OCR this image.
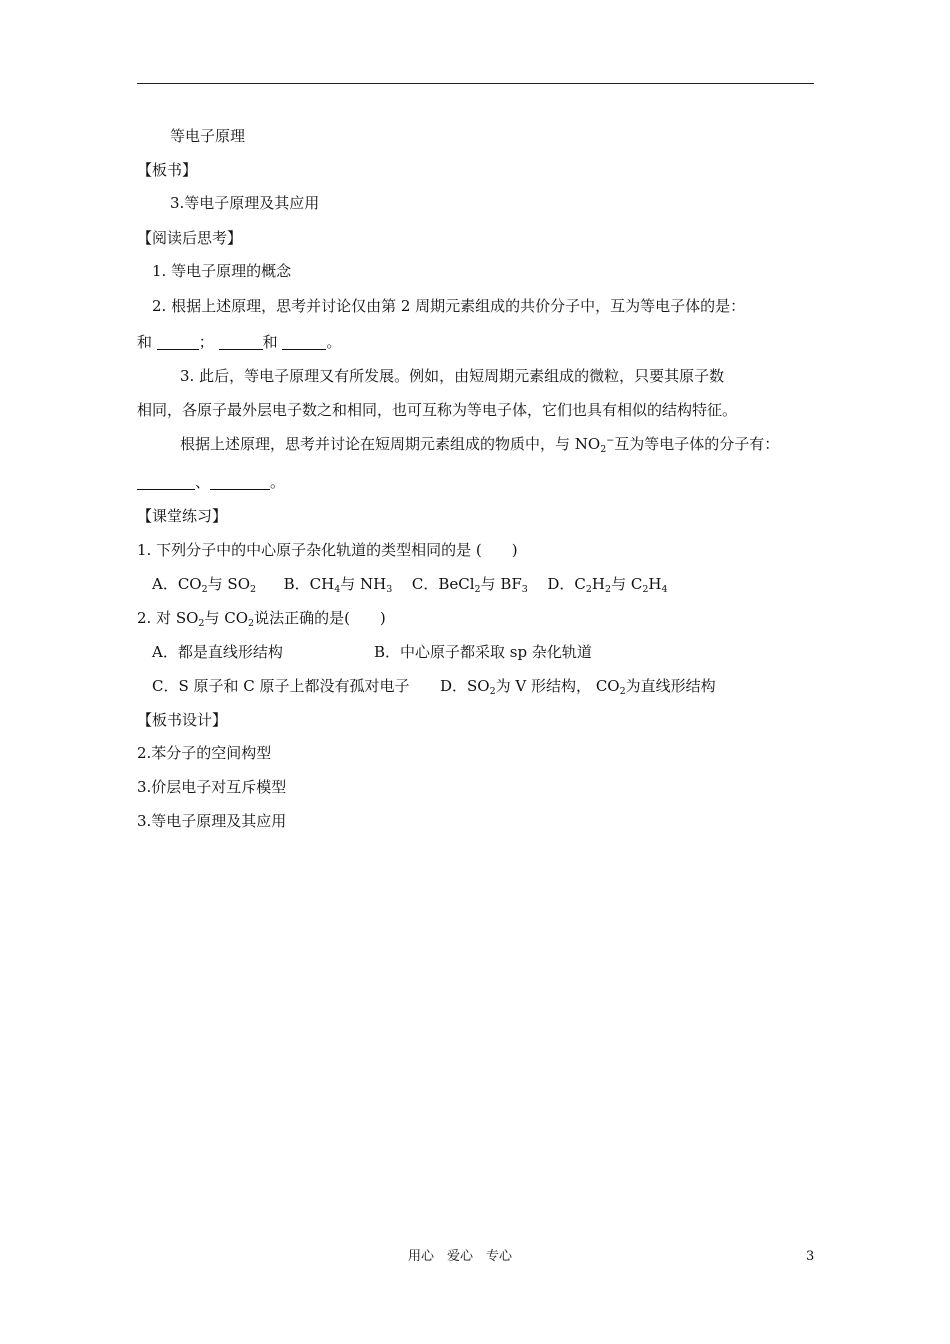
等电子原理
【板书】
3.等电子原理及其应用
【阅读后思考】
1. 等电子原理的概念
2. 根据上述原理，思考并讨论仅由第 2 周期元素组成的共价分子中，互为等电子体的是：
和	；	和	。
3. 此后，等电子原理又有所发展。例如，由短周期元素组成的微粒，只要其原子数
相同，各原子最外层电子数之和相同，也可互称为等电子体，它们也具有相似的结构特征。
根据上述原理，思考并讨论在短周期元素组成的物质中，与 $NO_2^-$互为等电子体的分子有：
、	。
【课堂练习】
1. 下列分子中的中心原子杂化轨道的类型相同的是 (　　)
A．$CO_2$与 $SO_2$ B．$CH_4$与 $NH_3$ C．BeCl$_2$与 $BF_3$ D．$C_2H_2$与 $C_2H_4$
2. 对 $SO_2$与 $CO_2$说法正确的是(　　)
A．都是直线形结构	B．中心原子都采取 sp 杂化轨道
C．S 原子和 C 原子上都没有孤对电子 D．$SO_2$为 V 形结构， $CO_2$为直线形结构
【板书设计】
2.苯分子的空间构型
3.价层电子对互斥模型
3.等电子原理及其应用
用心　爱心　专心	3
